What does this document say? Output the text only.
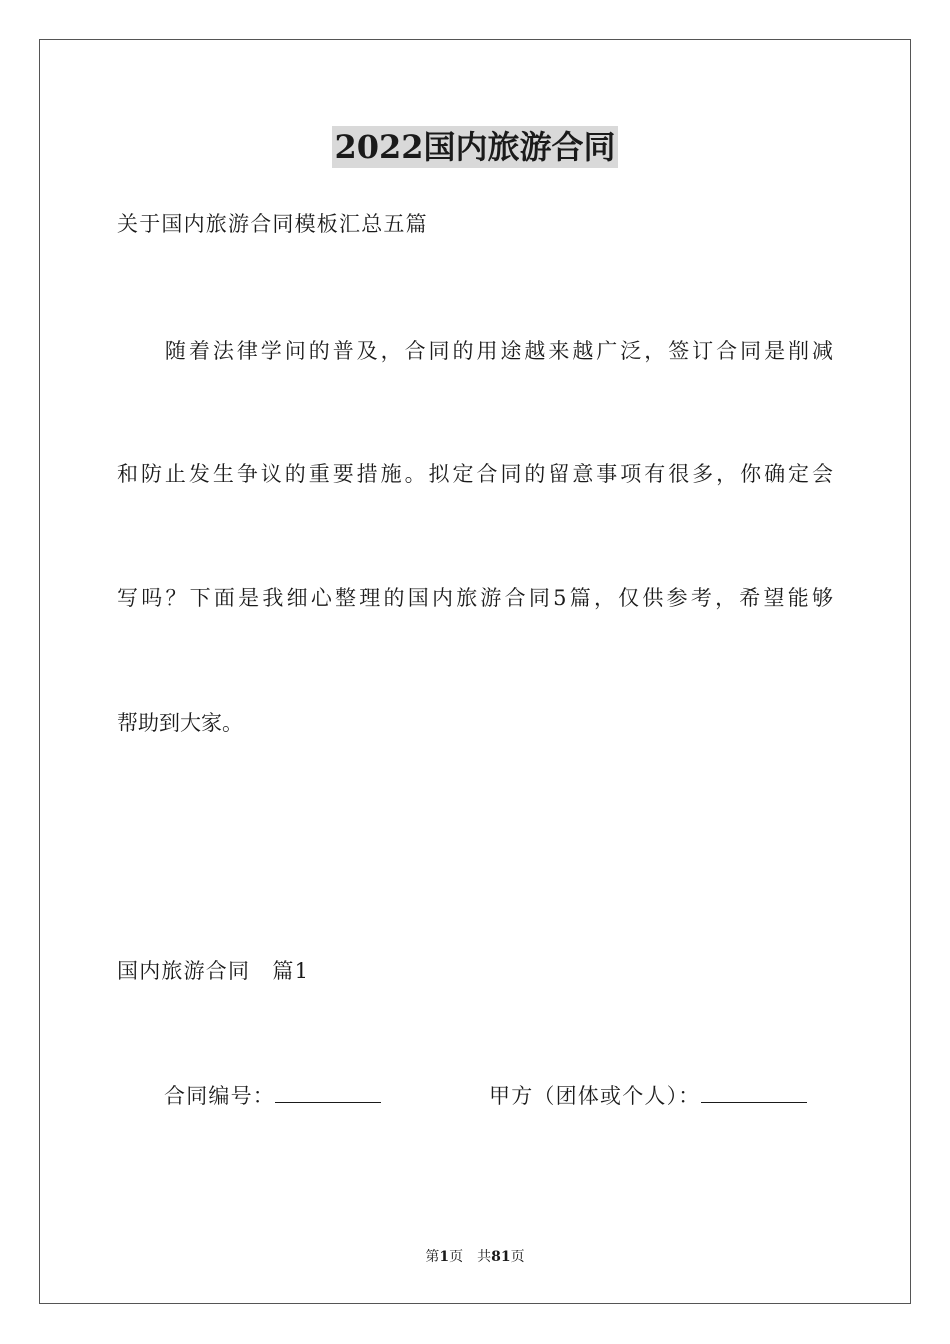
2022国内旅游合同
关于国内旅游合同模板汇总五篇
　　随着法律学问的普及，合同的用途越来越广泛，签订合同是削减
和防止发生争议的重要措施。拟定合同的留意事项有很多，你确定会
写吗？下面是我细心整理的国内旅游合同5篇，仅供参考，希望能够
帮助到大家。
国内旅游合同　篇1
合同编号：	甲方（团体或个人）：
第1页　共81页
